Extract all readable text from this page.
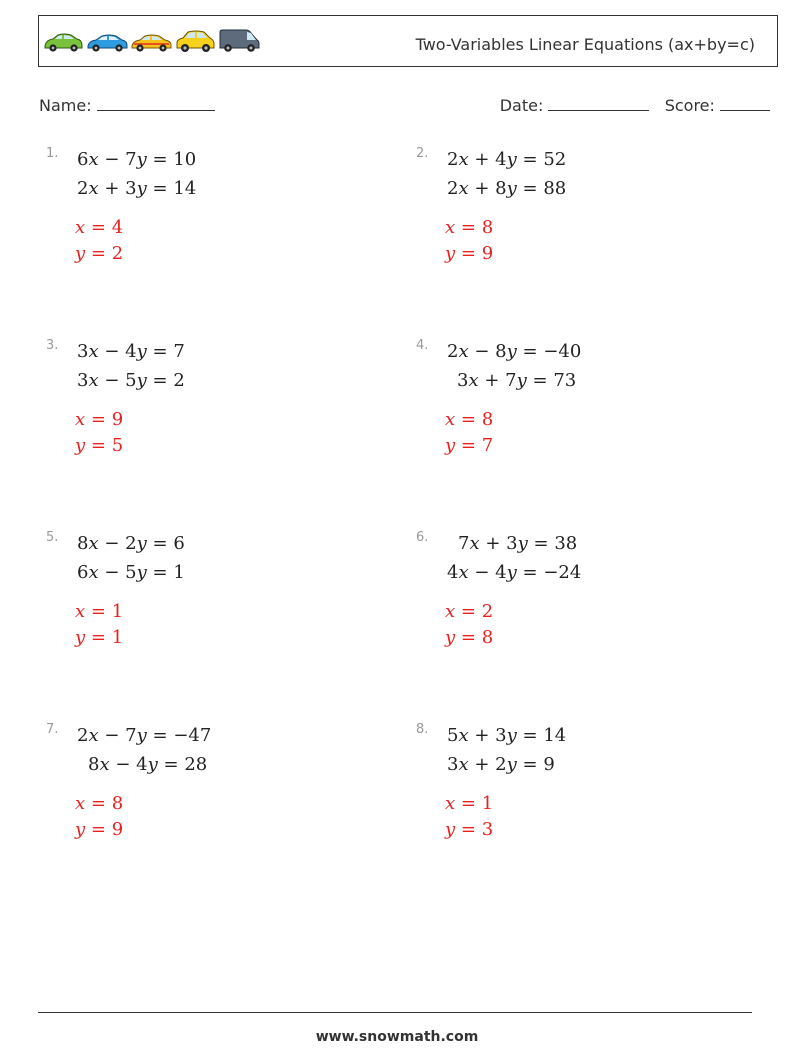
Two-Variables Linear Equations (ax+by=c)
Name:	Date:	Score:
1. 6x − 7y = 10
2x + 3y = 14
x = 4
y = 2
2. 2x + 4y = 52
2x + 8y = 88
x = 8
y = 9
3. 3x − 4y = 7
3x − 5y = 2
x = 9
y = 5
4. 2x − 8y = −40
3x + 7y = 73
x = 8
y = 7
5. 8x − 2y = 6
6x − 5y = 1
x = 1
y = 1
6. 7x + 3y = 38
4x − 4y = −24
x = 2
y = 8
7. 2x − 7y = −47
8x − 4y = 28
x = 8
y = 9
8. 5x + 3y = 14
3x + 2y = 9
x = 1
y = 3
www.snowmath.com
